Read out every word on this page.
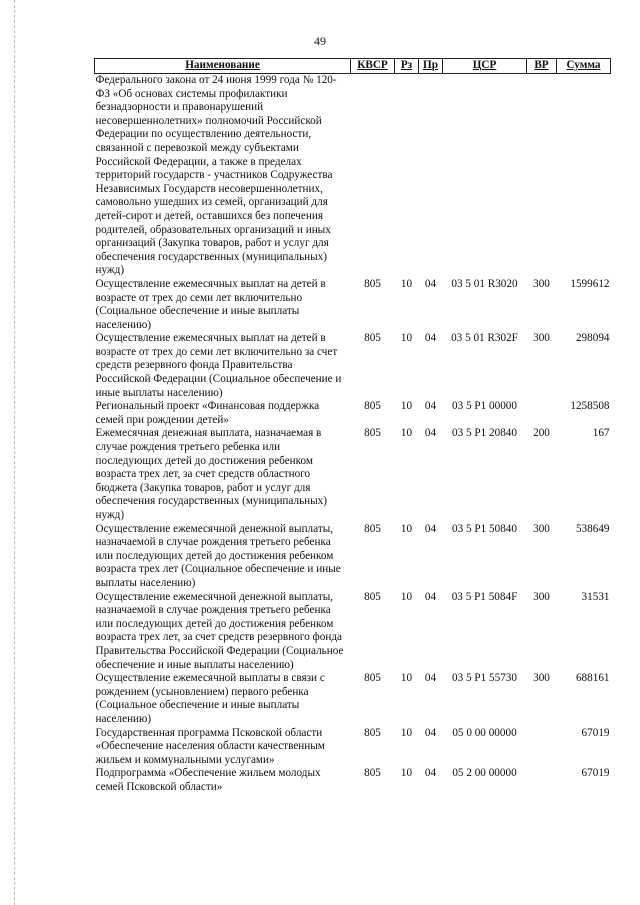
49
Наименование	КВСР	Рз	Пр	ЦСР	ВР	Сумма
Федерального закона от 24 июня 1999 года № 120-ФЗ «Об основах системы профилактики безнадзорности и правонарушений несовершеннолетних» полномочий Российской Федерации по осуществлению деятельности, связанной с перевозкой между субъектами Российской Федерации, а также в пределах территорий государств - участников Содружества Независимых Государств несовершеннолетних, самовольно ушедших из семей, организаций для детей-сирот и детей, оставшихся без попечения родителей, образовательных организаций и иных организаций (Закупка товаров, работ и услуг для обеспечения государственных (муниципальных) нужд)						
Осуществление ежемесячных выплат на детей в возрасте от трех до семи лет включительно (Социальное обеспечение и иные выплаты населению)	805	10	04	03 5 01 R3020	300	1599612
Осуществление ежемесячных выплат на детей в возрасте от трех до семи лет включительно за счет средств резервного фонда Правительства Российской Федерации (Социальное обеспечение и иные выплаты населению)	805	10	04	03 5 01 R302F	300	298094
Региональный проект «Финансовая поддержка семей при рождении детей»	805	10	04	03 5 P1 00000		1258508
Ежемесячная денежная выплата, назначаемая в случае рождения третьего ребенка или последующих детей до достижения ребенком возраста трех лет, за счет средств областного бюджета (Закупка товаров, работ и услуг для обеспечения государственных (муниципальных) нужд)	805	10	04	03 5 P1 20840	200	167
Осуществление ежемесячной денежной выплаты, назначаемой в случае рождения третьего ребенка или последующих детей до достижения ребенком возраста трех лет (Социальное обеспечение и иные выплаты населению)	805	10	04	03 5 P1 50840	300	538649
Осуществление ежемесячной денежной выплаты, назначаемой в случае рождения третьего ребенка или последующих детей до достижения ребенком возраста трех лет, за счет средств резервного фонда Правительства Российской Федерации (Социальное обеспечение и иные выплаты населению)	805	10	04	03 5 P1 5084F	300	31531
Осуществление ежемесячной выплаты в связи с рождением (усыновлением) первого ребенка (Социальное обеспечение и иные выплаты населению)	805	10	04	03 5 P1 55730	300	688161
Государственная программа Псковской области «Обеспечение населения области качественным жильем и коммунальными услугами»	805	10	04	05 0 00 00000		67019
Подпрограмма «Обеспечение жильем молодых семей Псковской области»	805	10	04	05 2 00 00000		67019
